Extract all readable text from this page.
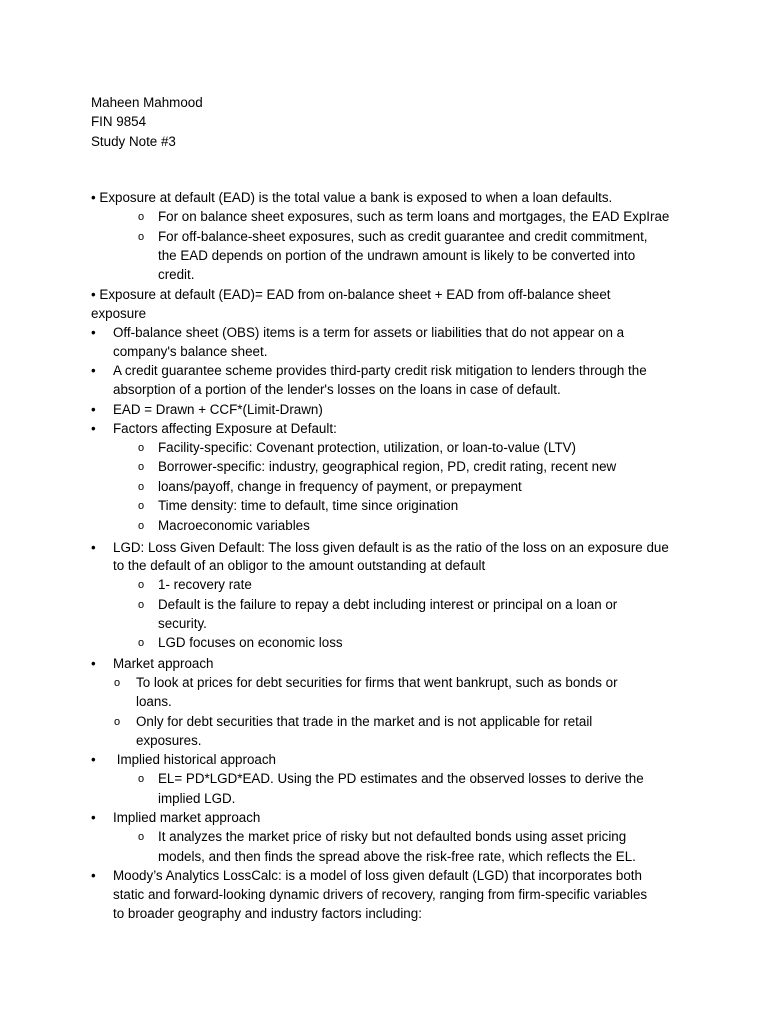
Maheen Mahmood
FIN 9854
Study Note #3
• Exposure at default (EAD) is the total value a bank is exposed to when a loan defaults.
o For on balance sheet exposures, such as term loans and mortgages, the EAD ExpIrae
o For off-balance-sheet exposures, such as credit guarantee and credit commitment,
the EAD depends on portion of the undrawn amount is likely to be converted into
credit.
• Exposure at default (EAD)= EAD from on-balance sheet + EAD from off-balance sheet
exposure
• Off-balance sheet (OBS) items is a term for assets or liabilities that do not appear on a
company's balance sheet.
• A credit guarantee scheme provides third-party credit risk mitigation to lenders through the
absorption of a portion of the lender's losses on the loans in case of default.
• EAD = Drawn + CCF*(Limit-Drawn)
• Factors affecting Exposure at Default:
o Facility-specific: Covenant protection, utilization, or loan-to-value (LTV)
o Borrower-specific: industry, geographical region, PD, credit rating, recent new
o loans/payoff, change in frequency of payment, or prepayment
o Time density: time to default, time since origination
o Macroeconomic variables
• LGD: Loss Given Default: The loss given default is as the ratio of the loss on an exposure due
to the default of an obligor to the amount outstanding at default
o 1- recovery rate
o Default is the failure to repay a debt including interest or principal on a loan or
security.
o LGD focuses on economic loss
• Market approach
o To look at prices for debt securities for firms that went bankrupt, such as bonds or
loans.
o Only for debt securities that trade in the market and is not applicable for retail
exposures.
• Implied historical approach
o EL= PD*LGD*EAD. Using the PD estimates and the observed losses to derive the
implied LGD.
• Implied market approach
o It analyzes the market price of risky but not defaulted bonds using asset pricing
models, and then finds the spread above the risk-free rate, which reflects the EL.
• Moody’s Analytics LossCalc: is a model of loss given default (LGD) that incorporates both
static and forward-looking dynamic drivers of recovery, ranging from firm-specific variables
to broader geography and industry factors including:
